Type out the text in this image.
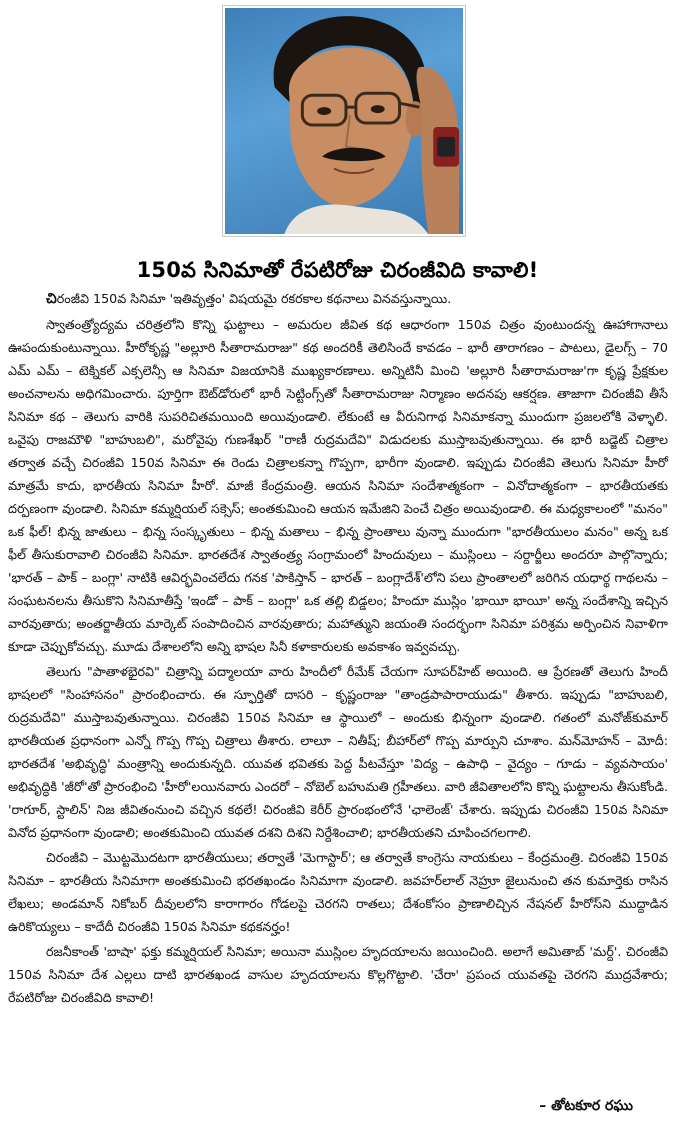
150వ సినిమాతో రేపటిరోజు చిరంజీవిది కావాలి!

చిరంజీవి 150వ సినిమా 'ఇతివృత్తం' విషయమై రకరకాల కథనాలు వినవస్తున్నాయి.

స్వాతంత్ర్యోద్యమ చరిత్రలోని కొన్ని ఘట్టాలు – అమరుల జీవిత కథ ఆధారంగా 150వ చిత్రం వుంటుందన్న ఊహాగానాలు ఊపందుకుంటున్నాయి. హీరోకృష్ణ "అల్లూరి సీతారామరాజు" కథ అందరికీ తెలిసిందే కావడం – భారీ తారాగణం – పాటలు, డైలగ్స్ – 70 ఎమ్ ఎమ్ – టెక్నికల్ ఎక్సలెన్సీ ఆ సినిమా విజయానికి ముఖ్యకారణాలు. అన్నిటినీ మించి 'అల్లూరి సీతారామరాజు'గా కృష్ణ ప్రేక్షకుల అంచనాలను అధిగమించారు. పూర్తిగా ఔట్‌డోరులో భారీ సెట్టింగ్స్‌తో సీతారామరాజు నిర్మాణం అదనపు ఆకర్షణ. తాజాగా చిరంజీవి తీసే సినిమా కథ – తెలుగు వారికి సుపరిచితమయింది అయివుండాలి. లేకుంటే ఆ వీరునిగాథ సినిమాకన్నా ముందుగా ప్రజలలోకి వెళ్ళాలి. ఒవైపు రాజమౌళి "బాహుబలి", మరోవైపు గుణశేఖర్ "రాణీ రుద్రమదేవి" విడుదలకు ముస్తాబవుతున్నాయి. ఈ భారీ బడ్జెట్ చిత్రాల తర్వాత వచ్చే చిరంజీవి 150వ సినిమా ఈ రెండు చిత్రాలకన్నా గొప్పగా, భారీగా వుండాలి. ఇప్పుడు చిరంజీవి తెలుగు సినిమా హీరో మాత్రమే కాదు, భారతీయ సినిమా హీరో. మాజీ కేంద్రమంత్రి. ఆయన సినిమా సందేశాత్మకంగా – వినోదాత్మకంగా – భారతీయతకు దర్పణంగా వుండాలి. సినిమా కమ్మర్షియల్ సక్సెస్; అంతకుమించి ఆయన ఇమేజిని పెంచే చిత్రం అయివుండాలి. ఈ మధ్యకాలంలో "మనం" ఒక ఫీల్! భిన్న జాతులు – భిన్న సంస్కృతులు – భిన్న మతాలు – భిన్న ప్రాంతాలు వున్నా ముందుగా "భారతీయులం మనం" అన్న ఒక ఫీల్ తీసుకురావాలి చిరంజీవి సినిమా. భారతదేశ స్వాతంత్ర్య సంగ్రామంలో హిందువులు – ముస్లింలు – సర్దార్జీలు అందరూ పాల్గొన్నారు; 'భారత్ – పాక్ – బంగ్లా' నాటికి ఆవిర్భవించలేదు గనక 'పాకిస్తాన్ – భారత్ – బంగ్లాదేశ్'లోని పలు ప్రాంతాలలో జరిగిన యధార్థ గాథలను – సంఘటనలను తీసుకొని సినిమాతీస్తే 'ఇండో – పాక్ – బంగ్లా' ఒక తల్లి బిడ్డలం; హిందూ ముస్లిం 'భాయీ భాయీ' అన్న సందేశాన్ని ఇచ్చిన వారవుతారు; అంతర్జాతీయ మార్కెట్ సంపాదించిన వారవుతారు; మహాత్ముని జయంతి సందర్భంగా సినిమా పరిశ్రమ అర్పించిన నివాళిగా కూడా చెప్పుకోవచ్చు. మూడు దేశాలలోని అన్ని భాషల సినీ కళాకారులకు అవకాశం ఇవ్వవచ్చు.

తెలుగు "పాతాళభైరవి" చిత్రాన్ని పద్మాలయా వారు హిందీలో రీమేక్ చేయగా సూపర్‌హిట్ అయింది. ఆ ప్రేరణతో తెలుగు హిందీ భాషలలో "సింహాసనం" ప్రారంభించారు. ఈ స్ఫూర్తితో దాసరి – కృష్ణంరాజు "తాండ్రపాపారాయుడు" తీశారు. ఇప్పుడు "బాహుబలి, రుద్రమదేవి" ముస్తాబవుతున్నాయి. చిరంజీవి 150వ సినిమా ఆ స్థాయిలో – అందుకు భిన్నంగా వుండాలి. గతంలో మనోజ్‌కుమార్ భారతీయత ప్రధానంగా ఎన్నో గొప్ప గొప్ప చిత్రాలు తీశారు. లాలూ – నితీష్; బీహార్‌లో గొప్ప మార్పుని చూశాం. మన్‌మోహన్ – మోదీ: భారతదేశ 'అభివృద్ధి' మంత్రాన్ని అందుకున్నది. యువత భవితకు పెద్ద పీటవేస్తూ 'విద్య – ఉపాధి – వైద్యం – గూడు – వ్యవసాయం' అభివృద్ధికి 'జీరో'తో ప్రారంభించి 'హీరో'లయినవారు ఎందరో – నోబెల్ బహుమతి గ్రహీతలు. వారి జీవితాలలోని కొన్ని ఘట్టాలను తీసుకోండి. 'రాగూర్, స్టాలిన్' నిజ జీవితంనుంచి వచ్చిన కథలే! చిరంజీవి కెరీర్ ప్రారంభంలోనే 'ఛాలెంజ్' చేశారు. ఇప్పుడు చిరంజీవి 150వ సినిమా వినోద ప్రధానంగా వుండాలి; అంతకుమించి యువత దశని దిశని నిర్దేశించాలి; భారతీయతని చూపించగలగాలి.

చిరంజీవి – మొట్టమొదటగా భారతీయులు; తర్వాతే 'మెగాస్టార్'; ఆ తర్వాతే కాంగ్రెసు నాయకులు – కేంద్రమంత్రి. చిరంజీవి 150వ సినిమా – భారతీయ సినిమాగా అంతకుమించి భరతఖండం సినిమాగా వుండాలి. జవహర్‌లాల్ నెహ్రూ జైలునుంచి తన కుమార్తెకు రాసిన లేఖలు; అండమాన్ నికోబర్ దీవులలోని కారాగారం గోడలపై చెరగని రాతలు; దేశంకోసం ప్రాణాలిచ్చిన నేషనల్ హీరోస్‌ని ముద్దాడిన ఉరికొయ్యలు – కాదేదీ చిరంజీవి 150వ సినిమా కథకనర్హం!

రజనీకాంత్ 'బాషా' ఫక్తు కమ్మర్షియల్ సినిమా; అయినా ముస్లింల హృదయాలను జయించింది. అలాగే అమితాబ్ 'మర్ద్'. చిరంజీవి 150వ సినిమా దేశ ఎల్లలు దాటి భారతఖండ వాసుల హృదయాలను కొల్లగొట్టాలి. 'చేరా' ప్రపంచ యువతపై చెరగని ముద్రవేశారు; రేపటిరోజు చిరంజీవిది కావాలి!

– తోటకూర రఘు
